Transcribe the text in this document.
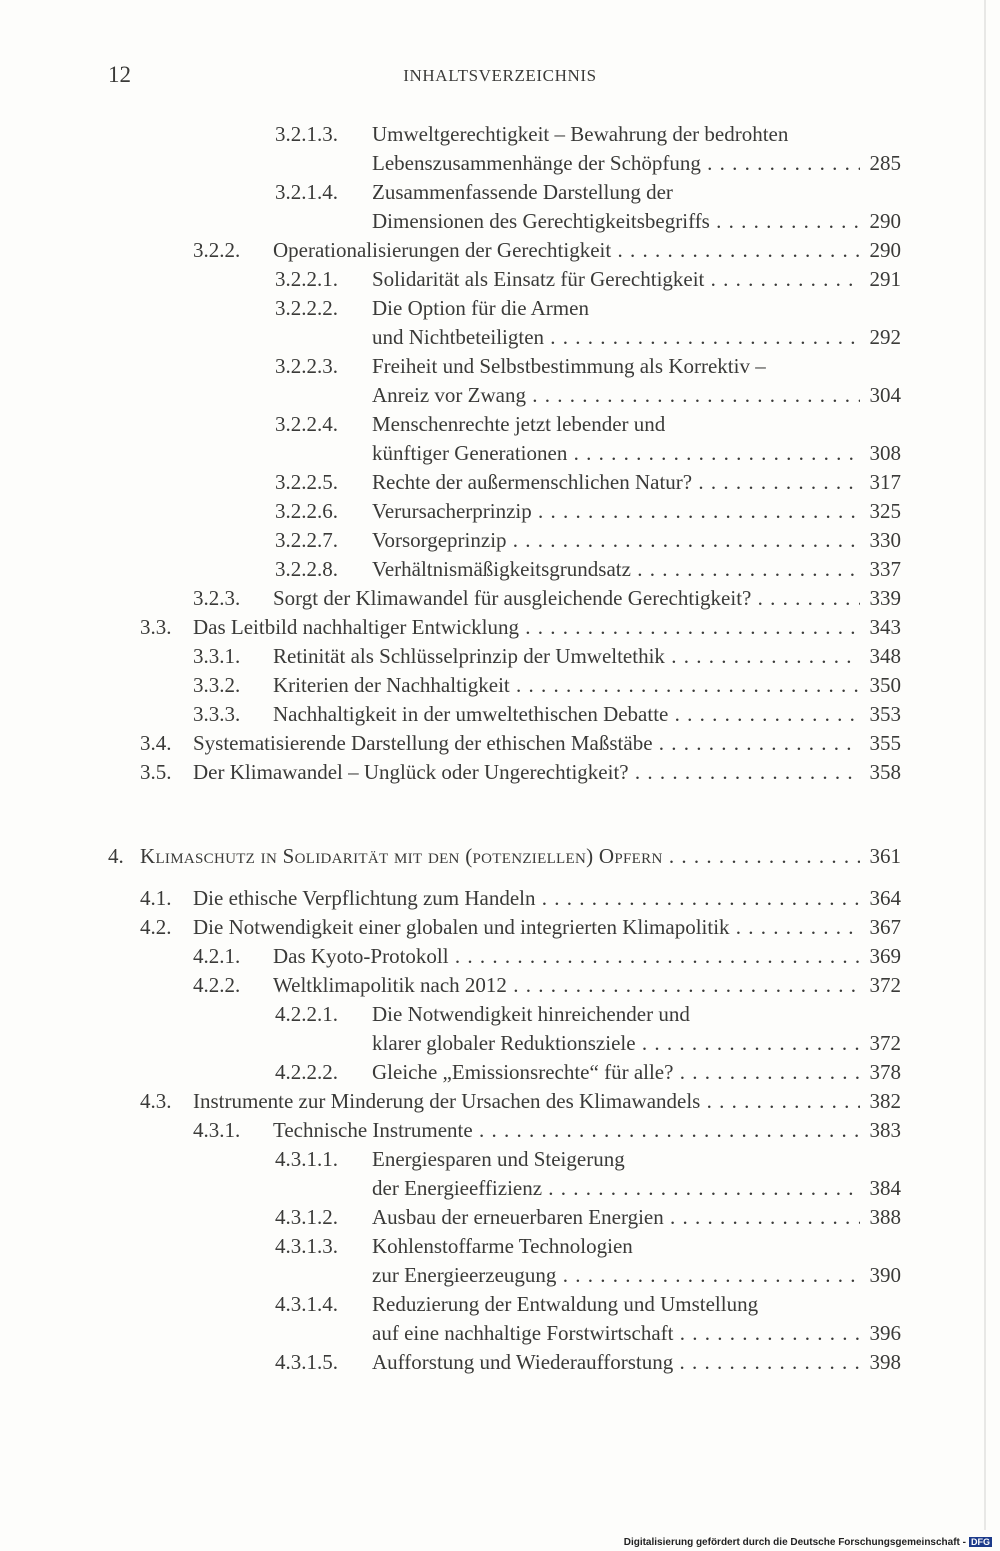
12	INHALTSVERZEICHNIS
3.2.1.3. Umweltgerechtigkeit – Bewahrung der bedrohten
Lebenszusammenhänge der Schöpfung . . .	285
3.2.1.4. Zusammenfassende Darstellung der
Dimensionen des Gerechtigkeitsbegriffs . . .	290
3.2.2. Operationalisierungen der Gerechtigkeit . . .	290
3.2.2.1. Solidarität als Einsatz für Gerechtigkeit . . .	291
3.2.2.2. Die Option für die Armen
und Nichtbeteiligten . . .	292
3.2.2.3. Freiheit und Selbstbestimmung als Korrektiv –
Anreiz vor Zwang . . .	304
3.2.2.4. Menschenrechte jetzt lebender und
künftiger Generationen . . .	308
3.2.2.5. Rechte der außermenschlichen Natur? . . .	317
3.2.2.6. Verursacherprinzip . . .	325
3.2.2.7. Vorsorgeprinzip . . .	330
3.2.2.8. Verhältnismäßigkeitsgrundsatz . . .	337
3.2.3. Sorgt der Klimawandel für ausgleichende Gerechtigkeit? . . .	339
3.3. Das Leitbild nachhaltiger Entwicklung . . .	343
3.3.1. Retinität als Schlüsselprinzip der Umweltethik . . .	348
3.3.2. Kriterien der Nachhaltigkeit . . .	350
3.3.3. Nachhaltigkeit in der umweltethischen Debatte . . .	353
3.4. Systematisierende Darstellung der ethischen Maßstäbe . . .	355
3.5. Der Klimawandel – Unglück oder Ungerechtigkeit? . . .	358
4. Klimaschutz in Solidarität mit den (potenziellen) Opfern . . .	361
4.1. Die ethische Verpflichtung zum Handeln . . .	364
4.2. Die Notwendigkeit einer globalen und integrierten Klimapolitik . . .	367
4.2.1. Das Kyoto-Protokoll . . .	369
4.2.2. Weltklimapolitik nach 2012 . . .	372
4.2.2.1. Die Notwendigkeit hinreichender und
klarer globaler Reduktionsziele . . .	372
4.2.2.2. Gleiche „Emissionsrechte“ für alle? . . .	378
4.3. Instrumente zur Minderung der Ursachen des Klimawandels . . .	382
4.3.1. Technische Instrumente . . .	383
4.3.1.1. Energiesparen und Steigerung
der Energieeffizienz . . .	384
4.3.1.2. Ausbau der erneuerbaren Energien . . .	388
4.3.1.3. Kohlenstoffarme Technologien
zur Energieerzeugung . . .	390
4.3.1.4. Reduzierung der Entwaldung und Umstellung
auf eine nachhaltige Forstwirtschaft . . .	396
4.3.1.5. Aufforstung und Wiederaufforstung . . .	398
Digitalisierung gefördert durch die Deutsche Forschungsgemeinschaft - DFG
